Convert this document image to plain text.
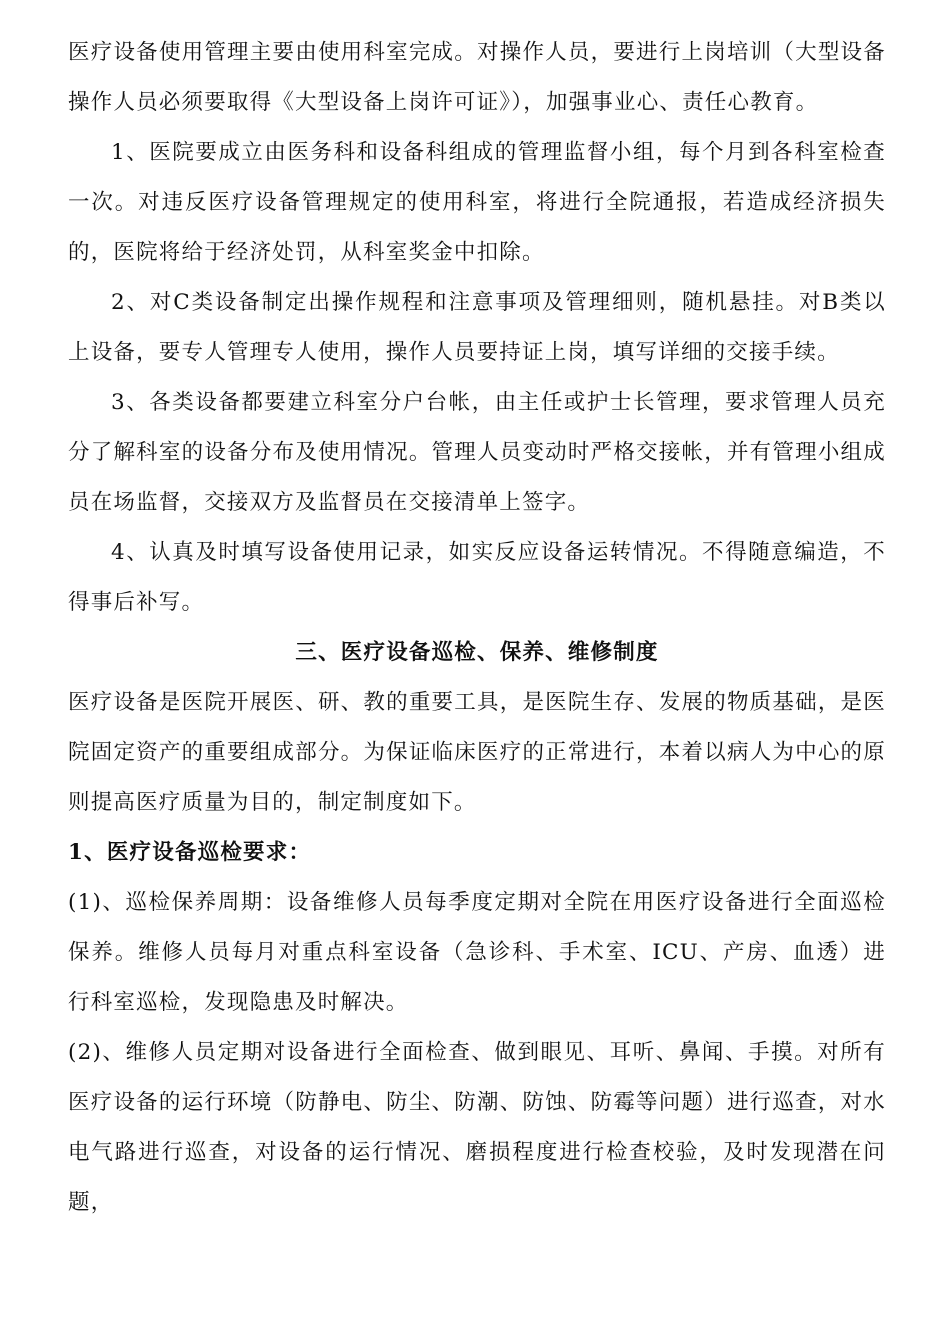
医疗设备使用管理主要由使用科室完成。对操作人员，要进行上岗培训（大型设备操作人员必须要取得《大型设备上岗许可证》），加强事业心、责任心教育。

1、医院要成立由医务科和设备科组成的管理监督小组，每个月到各科室检查一次。对违反医疗设备管理规定的使用科室，将进行全院通报，若造成经济损失的，医院将给于经济处罚，从科室奖金中扣除。

2、对C类设备制定出操作规程和注意事项及管理细则，随机悬挂。对B类以上设备，要专人管理专人使用，操作人员要持证上岗，填写详细的交接手续。

3、各类设备都要建立科室分户台帐，由主任或护士长管理，要求管理人员充分了解科室的设备分布及使用情况。管理人员变动时严格交接帐，并有管理小组成员在场监督，交接双方及监督员在交接清单上签字。

4、认真及时填写设备使用记录，如实反应设备运转情况。不得随意编造，不得事后补写。

三、医疗设备巡检、保养、维修制度

医疗设备是医院开展医、研、教的重要工具，是医院生存、发展的物质基础，是医院固定资产的重要组成部分。为保证临床医疗的正常进行，本着以病人为中心的原则提高医疗质量为目的，制定制度如下。

1、医疗设备巡检要求：

(1)、巡检保养周期：设备维修人员每季度定期对全院在用医疗设备进行全面巡检保养。维修人员每月对重点科室设备（急诊科、手术室、ICU、产房、血透）进行科室巡检，发现隐患及时解决。

(2)、维修人员定期对设备进行全面检查、做到眼见、耳听、鼻闻、手摸。对所有医疗设备的运行环境（防静电、防尘、防潮、防蚀、防霉等问题）进行巡查，对水电气路进行巡查，对设备的运行情况、磨损程度进行检查校验，及时发现潜在问题，
